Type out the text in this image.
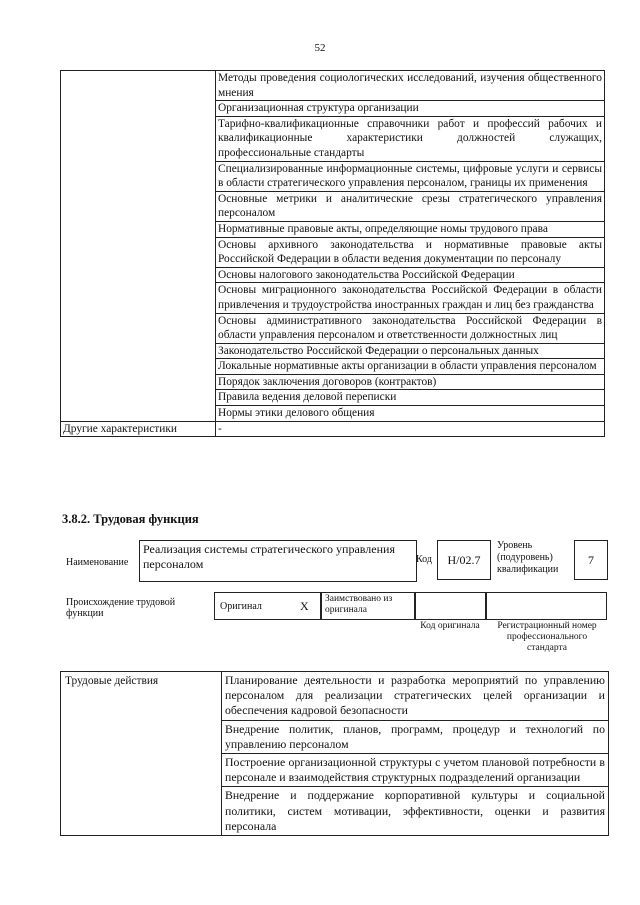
52
	Методы проведения социологических исследований, изучения общественного мнения
	Организационная структура организации
	Тарифно-квалификационные справочники работ и профессий рабочих и квалификационные характеристики должностей служащих, профессиональные стандарты
	Специализированные информационные системы, цифровые услуги и сервисы в области стратегического управления персоналом, границы их применения
	Основные метрики и аналитические срезы стратегического управления персоналом
	Нормативные правовые акты, определяющие номы трудового права
	Основы архивного законодательства и нормативные правовые акты Российской Федерации в области ведения документации по персоналу
	Основы налогового законодательства Российской Федерации
	Основы миграционного законодательства Российской Федерации в области привлечения и трудоустройства иностранных граждан и лиц без гражданства
	Основы административного законодательства Российской Федерации в области управления персоналом и ответственности должностных лиц
	Законодательство Российской Федерации о персональных данных
	Локальные нормативные акты организации в области управления персоналом
	Порядок заключения договоров (контрактов)
	Правила ведения деловой переписки
	Нормы этики делового общения
Другие характеристики	-
3.8.2. Трудовая функция
Наименование
Реализация системы стратегического управления персоналом	Код	H/02.7
Уровень (подуровень) квалификации
7
Происхождение трудовой функции
Оригинал	X Заимствовано из оригинала
Код оригинала	Регистрационный номер профессионального стандарта
Трудовые действия	Планирование деятельности и разработка мероприятий по управлению персоналом для реализации стратегических целей организации и обеспечения кадровой безопасности
Внедрение политик, планов, программ, процедур и технологий по управлению персоналом
Построение организационной структуры с учетом плановой потребности в персонале и взаимодействия структурных подразделений организации
Внедрение и поддержание корпоративной культуры и социальной политики, систем мотивации, эффективности, оценки и развития персонала
